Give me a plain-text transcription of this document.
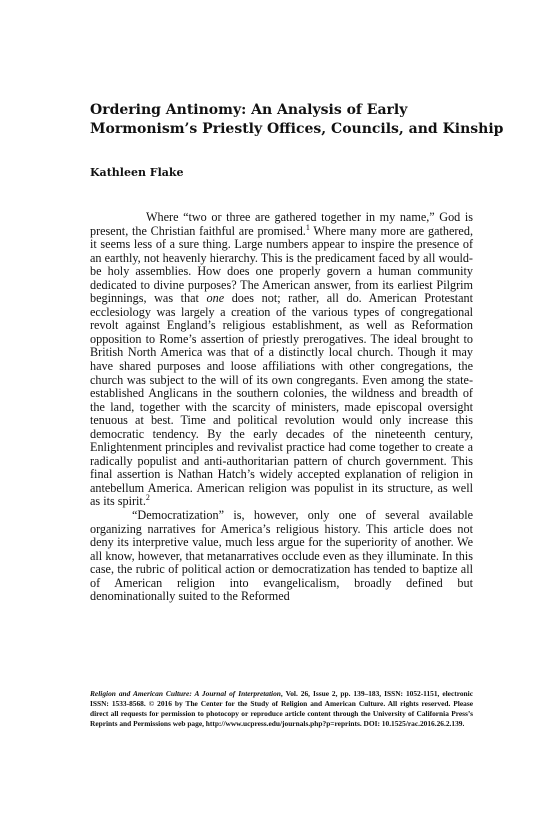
Ordering Antinomy: An Analysis of Early
Mormonism’s Priestly Offices, Councils, and Kinship
Kathleen Flake

Where “two or three are gathered together in my name,” God is present, the Christian faithful are promised.$^1$ Where many more are gathered, it seems less of a sure thing. Large numbers appear to inspire the presence of an earthly, not heavenly hierarchy. This is the predicament faced by all would-be holy assemblies. How does one properly govern a human community dedicated to divine purposes? The American answer, from its earliest Pilgrim beginnings, was that one does not; rather, all do. American Protestant ecclesiology was largely a creation of the various types of congregational revolt against England’s religious establishment, as well as Reformation opposition to Rome’s assertion of priestly prerogatives. The ideal brought to British North America was that of a distinctly local church. Though it may have shared purposes and loose affiliations with other congregations, the church was subject to the will of its own congregants. Even among the state-established Anglicans in the southern colonies, the wildness and breadth of the land, together with the scarcity of ministers, made episcopal oversight tenuous at best. Time and political revolution would only increase this democratic tendency. By the early decades of the nineteenth century, Enlightenment principles and revivalist practice had come together to create a radically populist and anti-authoritarian pattern of church government. This final assertion is Nathan Hatch’s widely accepted explanation of religion in antebellum America. American religion was populist in its structure, as well as its spirit.$^2$

“Democratization” is, however, only one of several available organizing narratives for America’s religious history. This article does not deny its interpretive value, much less argue for the superiority of another. We all know, however, that metanarratives occlude even as they illuminate. In this case, the rubric of political action or democratization has tended to baptize all of American religion into evangelicalism, broadly defined but denominationally suited to the Reformed

Religion and American Culture: A Journal of Interpretation, Vol. 26, Issue 2, pp. 139–183, ISSN: 1052-1151, electronic ISSN: 1533-8568. © 2016 by The Center for the Study of Religion and American Culture. All rights reserved. Please direct all requests for permission to photocopy or reproduce article content through the University of California Press’s Reprints and Permissions web page, http://www.ucpress.edu/journals.php?p=reprints. DOI: 10.1525/rac.2016.26.2.139.
